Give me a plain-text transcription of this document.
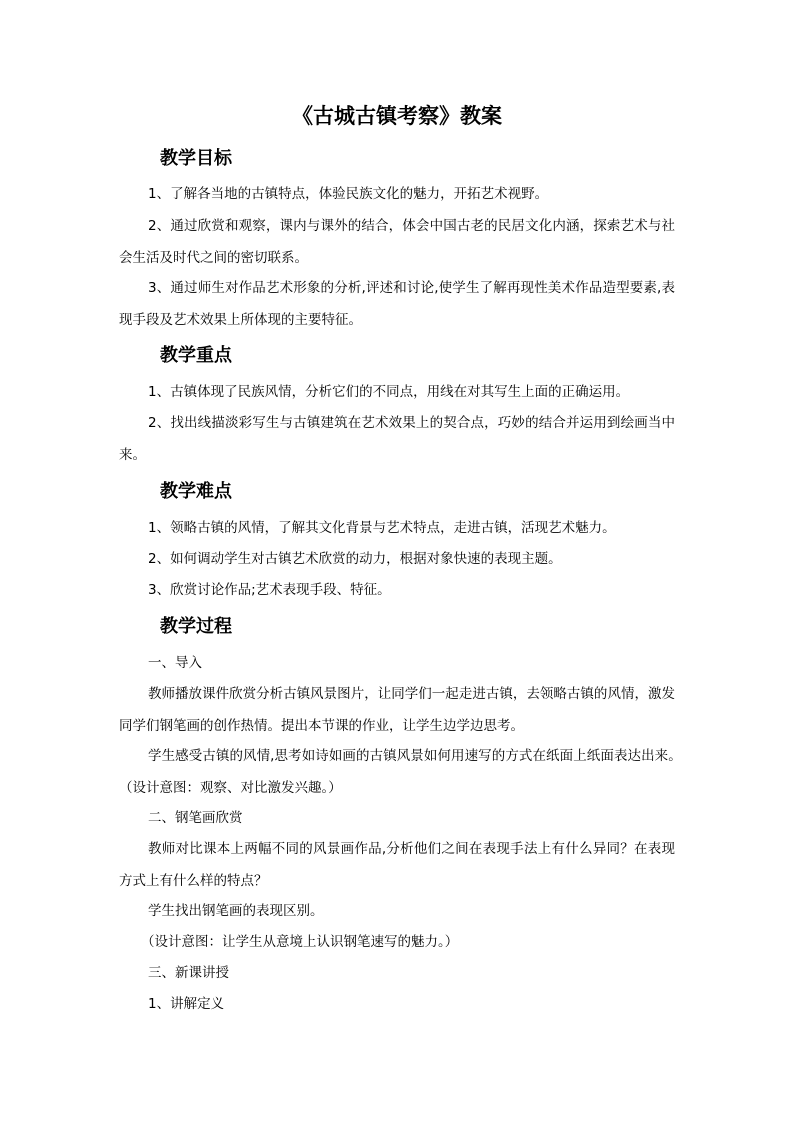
《古城古镇考察》教案
教学目标
1、了解各当地的古镇特点，体验民族文化的魅力，开拓艺术视野。
2、通过欣赏和观察，课内与课外的结合，体会中国古老的民居文化内涵，探索艺术与社　会生活及时代之间的密切联系。
3、通过师生对作品艺术形象的分析,评述和讨论,使学生了解再现性美术作品造型要素,表现手段及艺术效果上所体现的主要特征。
教学重点
1、古镇体现了民族风情，分析它们的不同点，用线在对其写生上面的正确运用。
2、找出线描淡彩写生与古镇建筑在艺术效果上的契合点，巧妙的结合并运用到绘画当中来。
教学难点
1、领略古镇的风情，了解其文化背景与艺术特点，走进古镇，活现艺术魅力。
2、如何调动学生对古镇艺术欣赏的动力，根据对象快速的表现主题。
3、欣赏讨论作品;艺术表现手段、特征。
教学过程
一、导入
教师播放课件欣赏分析古镇风景图片，让同学们一起走进古镇，去领略古镇的风情，激发同学们钢笔画的创作热情。提出本节课的作业，让学生边学边思考。
学生感受古镇的风情,思考如诗如画的古镇风景如何用速写的方式在纸面上纸面表达出来。　（设计意图：观察、对比激发兴趣。）
二、钢笔画欣赏
教师对比课本上两幅不同的风景画作品,分析他们之间在表现手法上有什么异同？在表现方式上有什么样的特点？
学生找出钢笔画的表现区别。
（设计意图：让学生从意境上认识钢笔速写的魅力。）
三、新课讲授
1、讲解定义
